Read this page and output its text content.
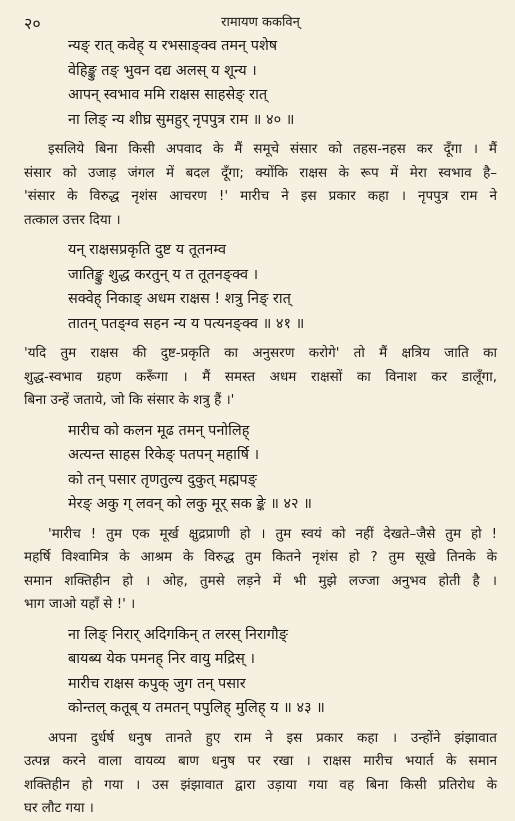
२०	रामायण ककविन्
न्यङ् रात् कवेह् य रभसाङ्क्व तमन् पशेष
वेहिङ्कु तङ् भुवन दद्य अलस् य शून्य ।
आपन् स्वभाव ममि राक्षस साहसेङ् रात्
ना लिङ् न्य शीघ्र सुमहुर् नृपपुत्र राम ॥ ४० ॥
इसलिये बिना किसी अपवाद के मैं समूचे संसार को तहस-नहस कर दूँगा । मैं
संसार को उजाड़ जंगल में बदल दूँगा; क्योंकि राक्षस के रूप में मेरा स्वभाव है–
'संसार के विरुद्ध नृशंस आचरण !' मारीच ने इस प्रकार कहा । नृपपुत्र राम ने
तत्काल उत्तर दिया ।
यन् राक्षसप्रकृति दुष्ट य तूतनम्व
जातिङ्कु शुद्ध करतुन् य त तूतनङ्क्व ।
सक्वेह् निकाङ् अधम राक्षस ! शत्रु निङ् रात्
तातन् पतङ्ग्व सहन न्य य पत्यनङ्क्व ॥ ४१ ॥
'यदि तुम राक्षस की दुष्ट-प्रकृति का अनुसरण करोगे' तो मैं क्षत्रिय जाति का
शुद्ध-स्वभाव ग्रहण करूँगा । मैं समस्त अधम राक्षसों का विनाश कर डालूँगा,
बिना उन्हें जताये, जो कि संसार के शत्रु हैं ।'
मारीच को कलन मूढ तमन् पनोलिह्
अत्यन्त साहस रिकेङ् पतपन् महार्षि ।
को तन् पसार तृणतुल्य दुकुत् मह्मपङ्
मेरङ् अकु ग् लवन् को लकु मूर् सक ङ्के ॥ ४२ ॥
'मारीच ! तुम एक मूर्ख क्षुद्रप्राणी हो । तुम स्वयं को नहीं देखते–जैसे तुम हो !
महर्षि विश्वामित्र के आश्रम के विरुद्ध तुम कितने नृशंस हो ? तुम सूखे तिनके के
समान शक्तिहीन हो । ओह, तुमसे लड़ने में भी मुझे लज्जा अनुभव होती है ।
भाग जाओ यहाँ से !' ।
ना लिङ् निरार् अदिगकिन् त लरस् निरागौङ्
बायब्य येक पमनह् निर वायु मद्रिस् ।
मारीच राक्षस कपुक् जुग तन् पसार
कोन्तल् कतूब् य तमतन् पपुलिह् मुलिह् य ॥ ४३ ॥
अपना दुर्धर्ष धनुष तानते हुए राम ने इस प्रकार कहा । उन्होंने झंझावात
उत्पन्न करने वाला वायव्य बाण धनुष पर रखा । राक्षस मारीच भयार्त के समान
शक्तिहीन हो गया । उस झंझावात द्वारा उड़ाया गया वह बिना किसी प्रतिरोध के
घर लौट गया ।
